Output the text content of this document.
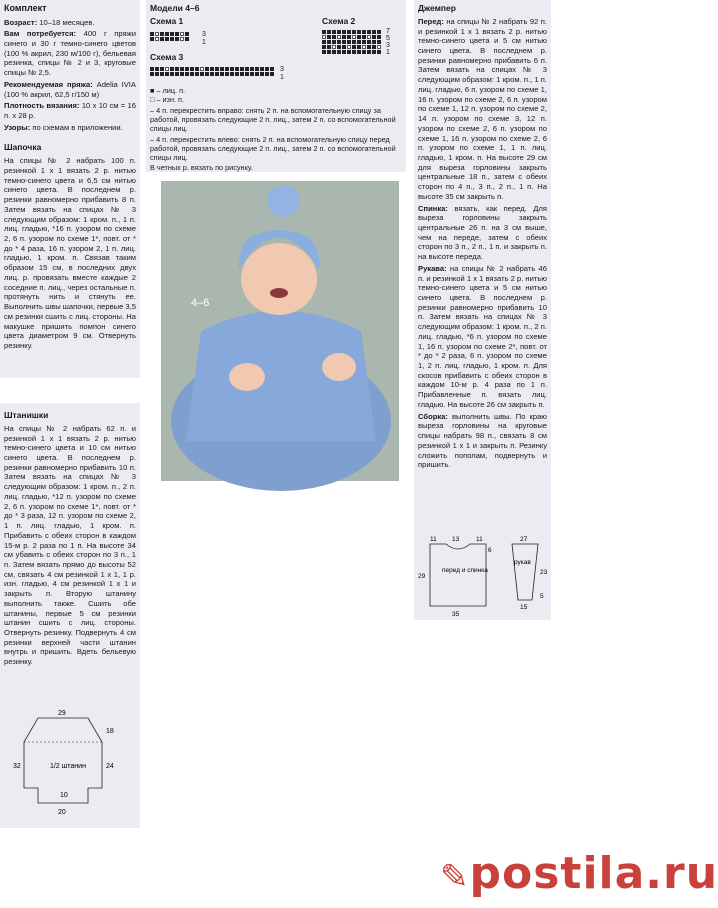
Комплект

Возраст: 10–18 месяцев.

Вам потребуется: 400 г пряжи синего и 30 г темно-синего цветов (100 % акрил, 230 м/100 г), бельевая резинка, спицы № 2 и 3, круговые спицы № 2,5.

Рекомендуемая пряжа: Adelia IVIA (100 % акрил, 62,5 г/150 м)

Плотность вязания: 10 х 10 см = 16 п. х 28 р.

Узоры: по схемам в приложении.

Шапочка

На спицы № 2 набрать 100 п. резинкой 1 х 1 вязать 2 р. нитью темно-синего цвета и 6,5 см нитью синего цвета. В последнем р. резинки равномерно прибавить 8 п. Затем вязать на спицах № 3 следующим образом: 1 кром. п., 1 п. лиц. гладью, *16 п. узором по схеме 2, 6 п. узором по схеме 1*, повт. от * до * 4 раза, 16 п. узором 2, 1 п. лиц. гладью, 1 кром. п. Связав таким образом 15 см, в последних двух лиц. р. провязать вместе каждые 2 соседние п. лиц., через остальные п. протянуть нить и стянуть ее. Выполнить швы шапочки, первые 3,5 см резинки сшить с лиц. стороны. На макушке пришить помпон синего цвета диаметром 9 см. Отвернуть резинку.

Штанишки

На спицы № 2 набрать 62 п. и резинкой 1 х 1 вязать 2 р. нитью темно-синего цвета и 10 см нитью синего цвета. В последнем р. резинки равномерно прибавить 10 п. Затем вязать на спицах № 3 следующим образом: 1 кром. п., 2 п. лиц. гладью, *12 п. узором по схеме 2, 6 п. узором по схеме 1*, повт. от * до * 3 раза, 12 п. узором по схеме 2, 1 п. лиц. гладью, 1 кром. п. Прибавить с обеих сторон в каждом 15-м р. 2 раза по 1 п. На высоте 34 см убавить с обеих сторон по 3 п., 1 п. Затем вязать прямо до высоты 52 см, связать 4 см резинкой 1 х 1, 1 р. изн. гладью, 4 см резинкой 1 х 1 и закрыть п. Вторую штанину выполнить также. Сшить обе штанины, первые 5 см резинки штанин сшить с лиц. стороны. Отвернуть резинку. Подвернуть 4 см резинки верхней части штанин внутрь и пришить. Вдеть бельевую резинку.

29
18
32	24
1/2 штанин
10
20
Модели 4–6
Схема 1	Схема 2
3
1
7
5
3
1
Схема 3
3
1
■ – лиц. п.
□ – изн. п.
– 4 п. перекрестить вправо: снять 2 п. на вспомогательную спицу за работой, провязать следующие 2 п. лиц., затем 2 п. со вспомогательной спицы лиц.
– 4 п. перекрестить влево: снять 2 п. на вспомогательную спицу перед работой, провязать следующие 2 п. лиц., затем 2 п. со вспомогательной спицы лиц.
В четных р. вязать по рисунку.
4–6
Джемпер

Перед: на спицы № 2 набрать 92 п. и резинкой 1 х 1 вязать 2 р. нитью темно-синего цвета и 5 см нитью синего цвета. В последнем р. резинки равномерно прибавить 6 п. Затем вязать на спицах № 3 следующим образом: 1 кром. п., 1 п. лиц. гладью, 6 п. узором по схеме 1, 16 п. узором по схеме 2, 6 п. узором по схеме 1, 12 п. узором по схеме 2, 14 п. узором по схеме 3, 12 п. узором по схеме 2, 6 п. узором по схеме 1, 16 п. узором по схеме 2, 6 п. узором по схеме 1, 1 п. лиц. гладью, 1 кром. п. На высоте 29 см для выреза горловины закрыть центральные 18 п., затем с обеих сторон по 4 п., 3 п., 2 п., 1 п. На высоте 35 см закрыть п.

Спинка: вязать, как перед. Для выреза горловины закрыть центральные 26 п. на 3 см выше, чем на переде, затем с обеих сторон по 3 п., 2 п., 1 п. и закрыть п. на высоте переда.

Рукава: на спицы № 2 набрать 46 п. и резинкой 1 х 1 вязать 2 р. нитью темно-синего цвета и 5 см нитью синего цвета. В последнем р. резинки равномерно прибавить 10 п. Затем вязать на спицах № 3 следующим образом: 1 кром. п., 2 п. лиц. гладью, *6 п. узором по схеме 1, 16 п. узором по схеме 2*, повт. от * до * 2 раза, 6 п. узором по схеме 1, 2 п. лиц. гладью, 1 кром. п. Для скосов прибавить с обеих сторон в каждом 10-м р. 4 раза по 1 п. Прибавленные п. вязать лиц. гладью. На высоте 26 см закрыть п.

Сборка: выполнить швы. По краю выреза горловины на круговые спицы набрать 98 п., связать 8 см резинкой 1 х 1 и закрыть п. Резинку сложить пополам, подвернуть и пришить.

11 13	11	27
6
29
23
35
15
5
перед и спинка
рукав
✎postila.ru
